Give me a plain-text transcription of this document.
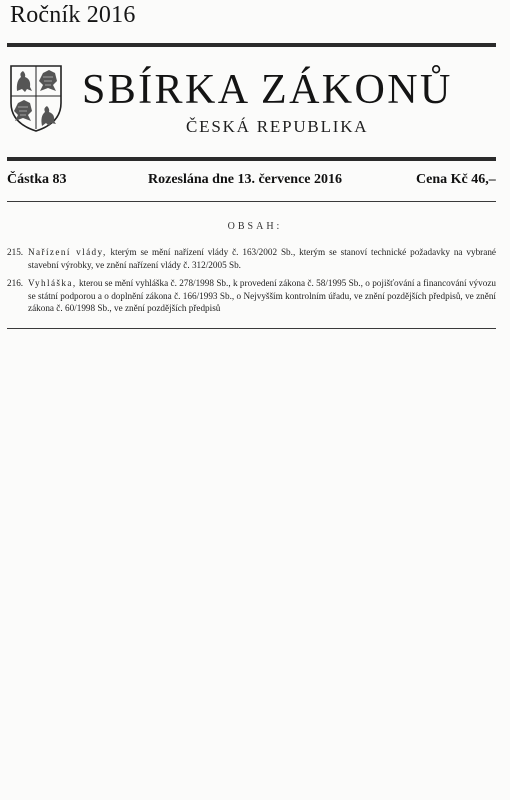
Ročník 2016
SBÍRKA ZÁKONŮ
ČESKÁ REPUBLIKA
Částka 83	Rozeslána dne 13. července 2016	Cena Kč 46,–
OBSAH:
215. Nařízení vlády, kterým se mění nařízení vlády č. 163/2002 Sb., kterým se stanoví technické požadavky na vybrané stavební výrobky, ve znění nařízení vlády č. 312/2005 Sb.
216. Vyhláška, kterou se mění vyhláška č. 278/1998 Sb., k provedení zákona č. 58/1995 Sb., o pojišťování a financování vývozu se státní podporou a o doplnění zákona č. 166/1993 Sb., o Nejvyšším kontrolním úřadu, ve znění pozdějších předpisů, ve znění zákona č. 60/1998 Sb., ve znění pozdějších předpisů
